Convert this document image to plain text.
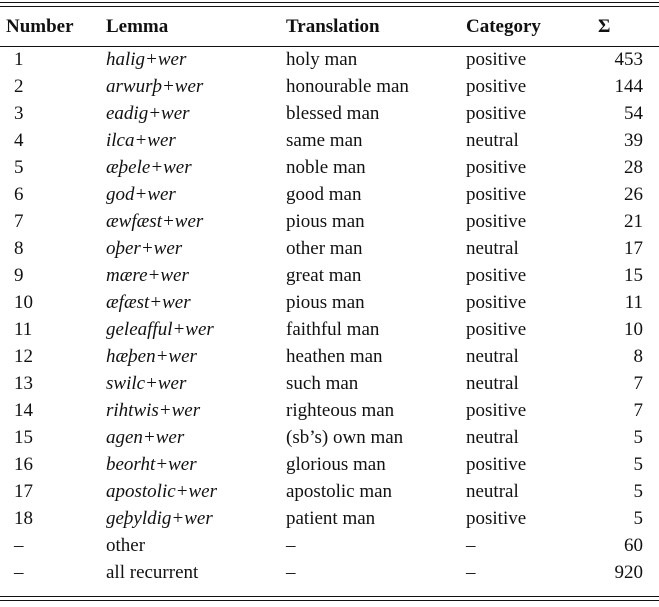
Number	Lemma	Translation	Category	Σ
1	halig+wer	holy man	positive	453
2	arwurþ+wer	honourable man	positive	144
3	eadig+wer	blessed man	positive	54
4	ilca+wer	same man	neutral	39
5	æþele+wer	noble man	positive	28
6	god+wer	good man	positive	26
7	æwfæst+wer	pious man	positive	21
8	oþer+wer	other man	neutral	17
9	mære+wer	great man	positive	15
10	æfæst+wer	pious man	positive	11
11	geleafful+wer	faithful man	positive	10
12	hæþen+wer	heathen man	neutral	8
13	swilc+wer	such man	neutral	7
14	rihtwis+wer	righteous man	positive	7
15	agen+wer	(sb’s) own man	neutral	5
16	beorht+wer	glorious man	positive	5
17	apostolic+wer	apostolic man	neutral	5
18	geþyldig+wer	patient man	positive	5
–	other	–	–	60
–	all recurrent	–	–	920
